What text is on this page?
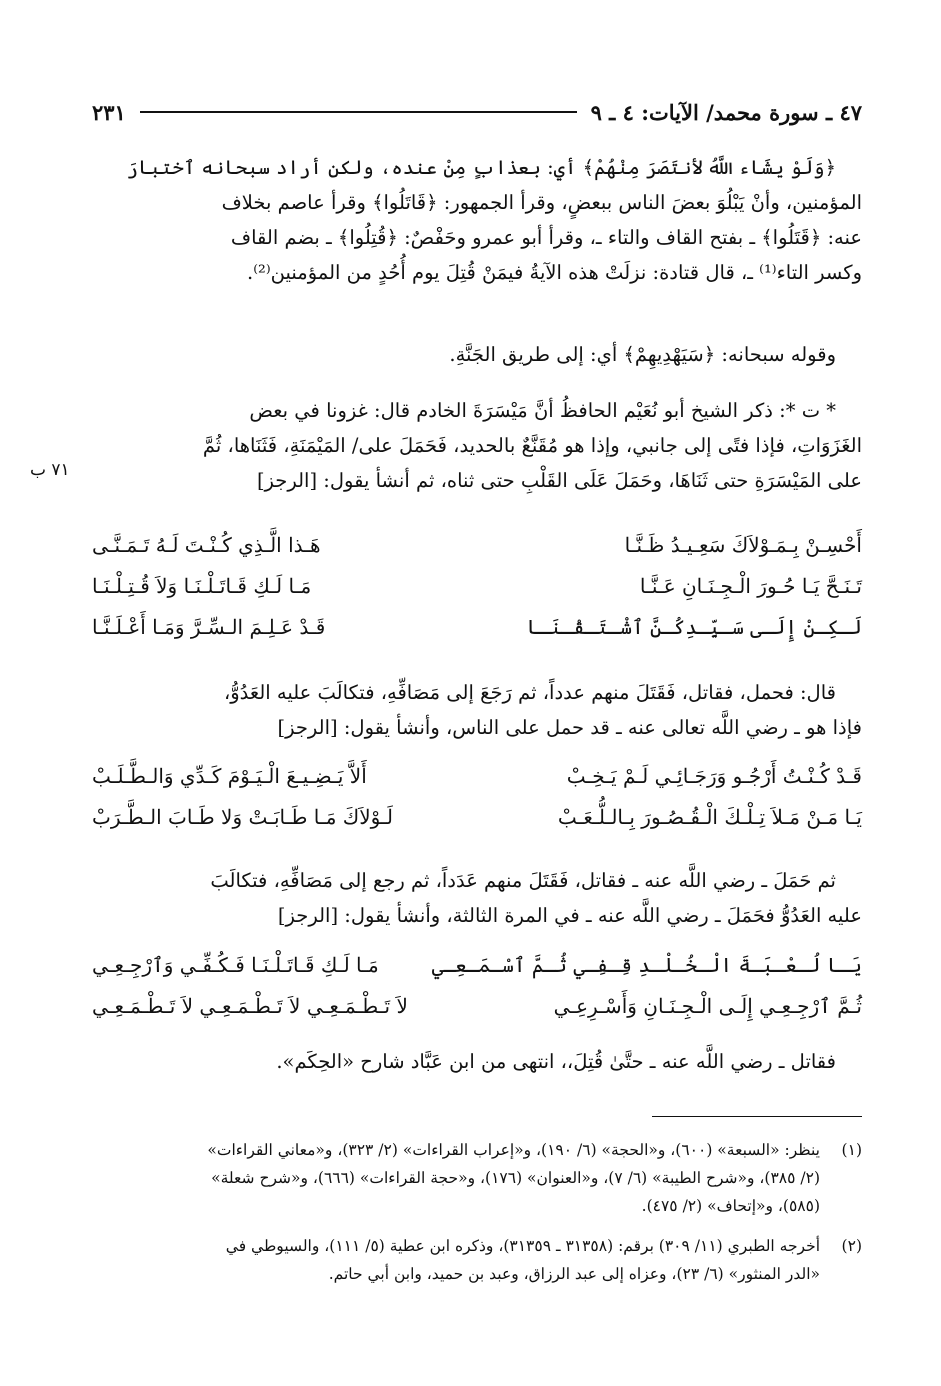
٤٧ ـ سورة محمد/ الآيات: ٤ ـ ٩
٢٣١
﴿وَلَوْ يشَاء اللَّهُ لأنتَصَرَ مِنْهُمْ﴾ أي: بعذابٍ مِنْ عنده، ولكن أراد سبحانه ٱختبارَ
المؤمنين، وأنْ يَبْلُوَ بعضَ الناس ببعضٍ، وقرأ الجمهور: ﴿قَاتَلُوا﴾ وقرأ عاصم بخلاف
عنه: ﴿قَتَلُوا﴾ ـ بفتح القاف والتاء ـ، وقرأ أبو عمرو وحَفْصٌ: ﴿قُتِلُوا﴾ ـ بضم القاف
وكسر التاء⁽¹⁾ ـ، قال قتادة: نزلَتْ هذه الآيةُ فيمَنْ قُتِلَ يوم أُحُدٍ من المؤمنين⁽²⁾.
وقوله سبحانه: ﴿سَيَهْدِيهِمْ﴾ أي: إلى طريق الجَنَّةِ.
* ت *: ذكر الشيخ أبو نُعَيْم الحافظُ أنَّ مَيْسَرَةَ الخادم قال: غزونا في بعض
الغَزَوَاتِ، فإذا فتًى إلى جانبي، وإذا هو مُقَنَّعٌ بالحديد، فَحَمَلَ على/ المَيْمَنَةِ، فَثَنَاها، ثُمَّ
على المَيْسَرَةِ حتى ثَنَاهَا، وحَمَلَ عَلَى القَلْبِ حتى ثناه، ثم أنشأ يقول: [الرجز]
٧١ ب
أَحْسِـنْ بِـمَـوْلاَكَ سَعِـيـدُ ظَـنَّـا
هَـذا الَّـذِي كُـنْـتَ لَـهُ تَـمَـنَّـى
تَـنَـحَّ يَـا حُـورَ الْـجِـنَـانِ عَـنَّـا
مَـا لَـكِ قَـاتَـلْـنَـا وَلاَ قُـتِـلْـنَـا
لَـكِـنْ إِلَـى سَـيِّـدِكُـنَّ ٱشْـتَـقْـنَـا
قَـدْ عَـلِـمَ الـسِّـرَّ وَمَـا أَعْـلَـنَّـا
قال: فحمل، فقاتل، فَقَتَلَ منهم عدداً، ثم رَجَعَ إلى مَصَافِّهِ، فتكالَبَ عليه العَدُوُّ،
فإذا هو ـ رضي اللَّه تعالى عنه ـ قد حمل على الناس، وأنشأ يقول: [الرجز]
قَـدْ كُـنْـتُ أَرْجُـو وَرَجَـائِـي لَـمْ يَـخِـبْ
أَلاَّ يَـضِـيـعَ الْـيَـوْمَ كَـدِّي وَالـطَّـلَـبْ
يَـا مَـنْ مَـلاَ تِـلْـكَ الْـقُـصُـورَ بِـالـلُّـعَـبْ
لَـوْلاَكَ مَـا طَـابَـتْ وَلا طَـابَ الـطَّـرَبْ
ثم حَمَلَ ـ رضي اللَّه عنه ـ فقاتل، فَقَتَلَ منهم عَدَداً، ثم رجع إلى مَصَافِّهِ، فتكالَبَ
عليه العَدُوُّ فحَمَلَ ـ رضي اللَّه عنه ـ في المرة الثالثة، وأنشأ يقول: [الرجز]
يَـا لُـعْـبَـةَ الْـخُـلْـدِ قِـفِـي ثُـمَّ ٱسْـمَـعِـي
مَـا لَـكِ قَـاتَـلْـنَـا فَـكُـفِّـي وَٱرْجِـعِـي
ثُـمَّ ٱرْجِـعِـي إِلَـى الْـجِـنَـانِ وَأَسْـرِعِـي
لاَ تَـطْـمَـعِـي لاَ تَـطْـمَـعِـي لاَ تَـطْـمَـعِـي
فقاتل ـ رضي اللَّه عنه ـ حتَّىٰ قُتِلَ،، انتهى من ابن عَبَّاد شارح «الحِكَم».
(١)
ينظر: «السبعة» (٦٠٠)، و«الحجة» (٦/ ١٩٠)، و«إعراب القراءات» (٢/ ٣٢٣)، و«معاني القراءات»
(٢/ ٣٨٥)، و«شرح الطيبة» (٦/ ٧)، و«العنوان» (١٧٦)، و«حجة القراءات» (٦٦٦)، و«شرح شعلة»
(٥٨٥)، و«إتحاف» (٢/ ٤٧٥).
(٢)
أخرجه الطبري (١١/ ٣٠٩) برقم: (٣١٣٥٨ ـ ٣١٣٥٩)، وذكره ابن عطية (٥/ ١١١)، والسيوطي في
«الدر المنثور» (٦/ ٢٣)، وعزاه إلى عبد الرزاق، وعبد بن حميد، وابن أبي حاتم.
